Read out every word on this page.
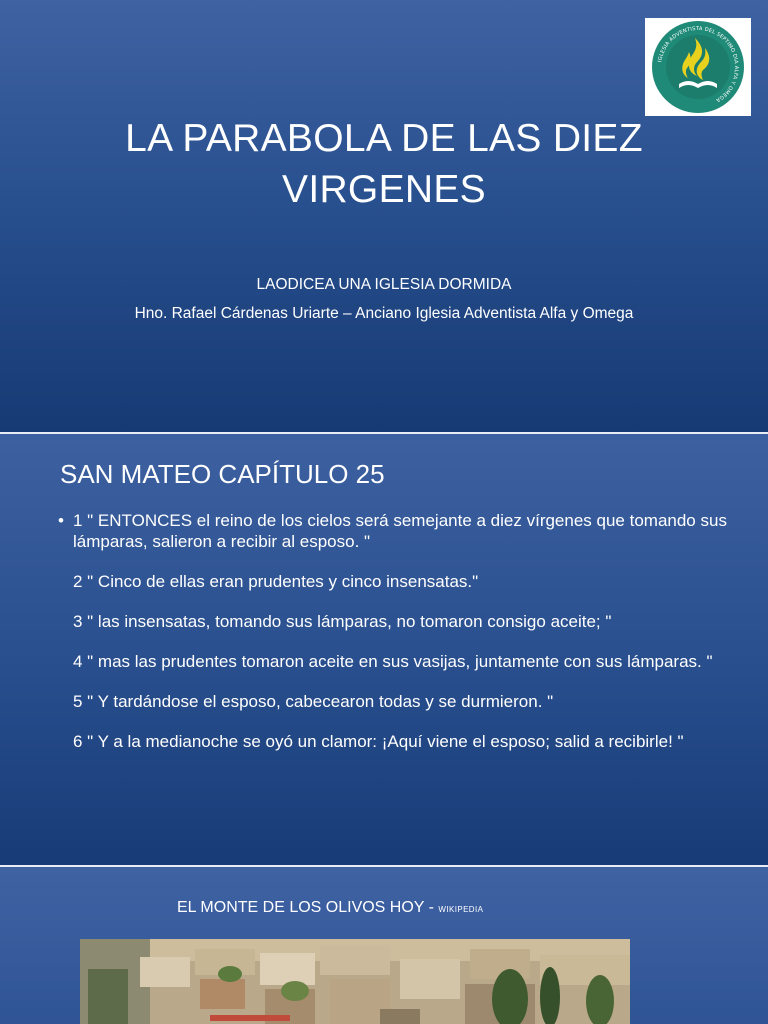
IGLESIA ADVENTISTA DEL SEPTIMO DIA ALFA Y OMEGA
LA PARABOLA DE LAS DIEZ
VIRGENES

LAODICEA UNA IGLESIA DORMIDA

Hno. Rafael Cárdenas Uriarte – Anciano Iglesia Adventista Alfa y Omega

SAN MATEO CAPÍTULO 25

• 1 " ENTONCES el reino de los cielos será semejante a diez vírgenes que tomando sus lámparas, salieron a recibir al esposo. "

2 " Cinco de ellas eran prudentes y cinco insensatas."

3 " las insensatas, tomando sus lámparas, no tomaron consigo aceite; "

4 " mas las prudentes tomaron aceite en sus vasijas, juntamente con sus lámparas. "

5 " Y tardándose el esposo, cabecearon todas y se durmieron. "

6 " Y a la medianoche se oyó un clamor: ¡Aquí viene el esposo; salid a recibirle! "

EL MONTE DE LOS OLIVOS HOY - WIKIPEDIA
